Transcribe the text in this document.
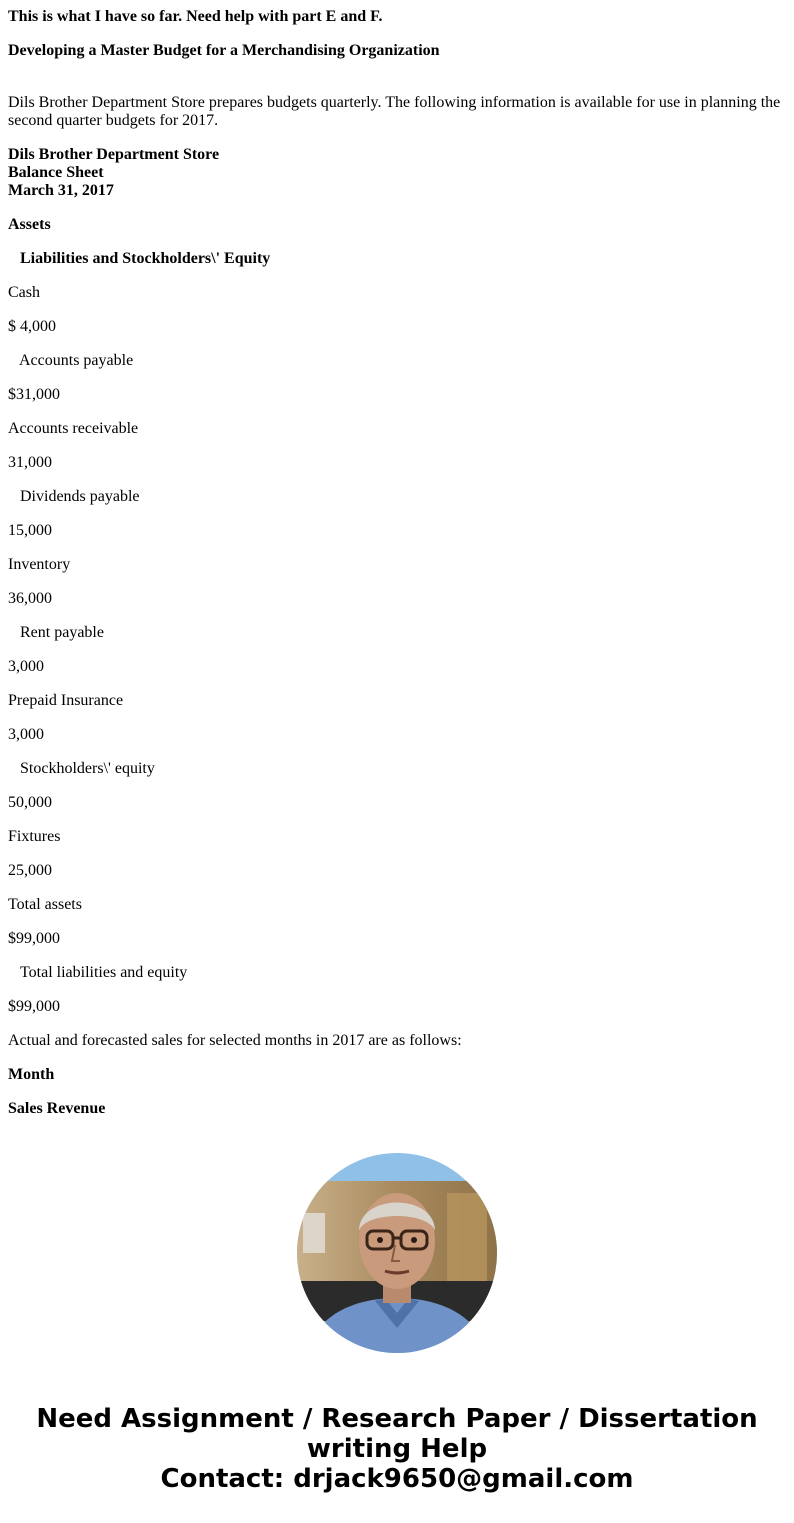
This is what I have so far. Need help with part E and F.
Developing a Master Budget for a Merchandising Organization
Dils Brother Department Store prepares budgets quarterly. The following information is available for use in planning the second quarter budgets for 2017.
Dils Brother Department Store
Balance Sheet
March 31, 2017
Assets
Liabilities and Stockholders\' Equity
Cash
$ 4,000
Accounts payable
$31,000
Accounts receivable
31,000
Dividends payable
15,000
Inventory
36,000
Rent payable
3,000
Prepaid Insurance
3,000
Stockholders\' equity
50,000
Fixtures
25,000
Total assets
$99,000
Total liabilities and equity
$99,000
Actual and forecasted sales for selected months in 2017 are as follows:
Month
Sales Revenue
Need Assignment / Research Paper / Dissertation
writing Help
Contact: drjack9650@gmail.com
